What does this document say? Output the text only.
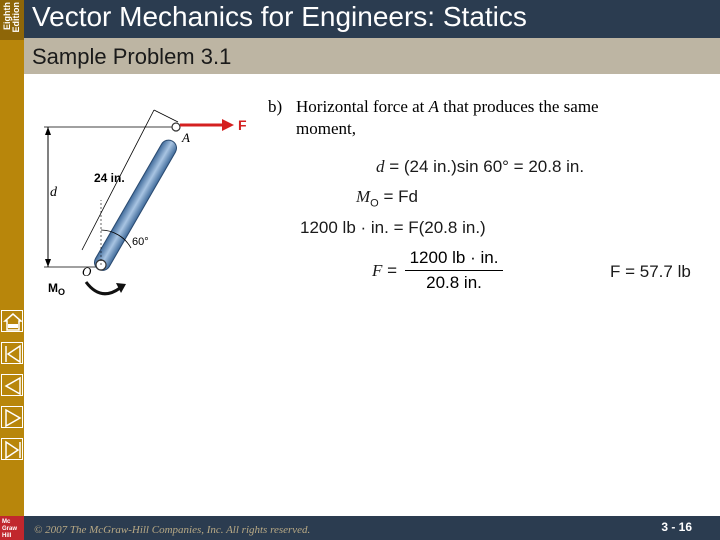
Eighth Edition Vector Mechanics for Engineers: Statics
Sample Problem 3.1
d
24 in.
60°
F
A
O
$M_O$
b) Horizontal force at A that produces the same
moment,
d = (24 in.)sin 60° = 20.8 in.
$M_O = Fd$
1200 lb · in. = F(20.8 in.)
$F = \frac{1200 lb \cdot in.}{20.8 in.}$	F = 57.7 lb
© 2007 The McGraw-Hill Companies, Inc. All rights reserved.	3 - 16
Mc
Graw
Hill
